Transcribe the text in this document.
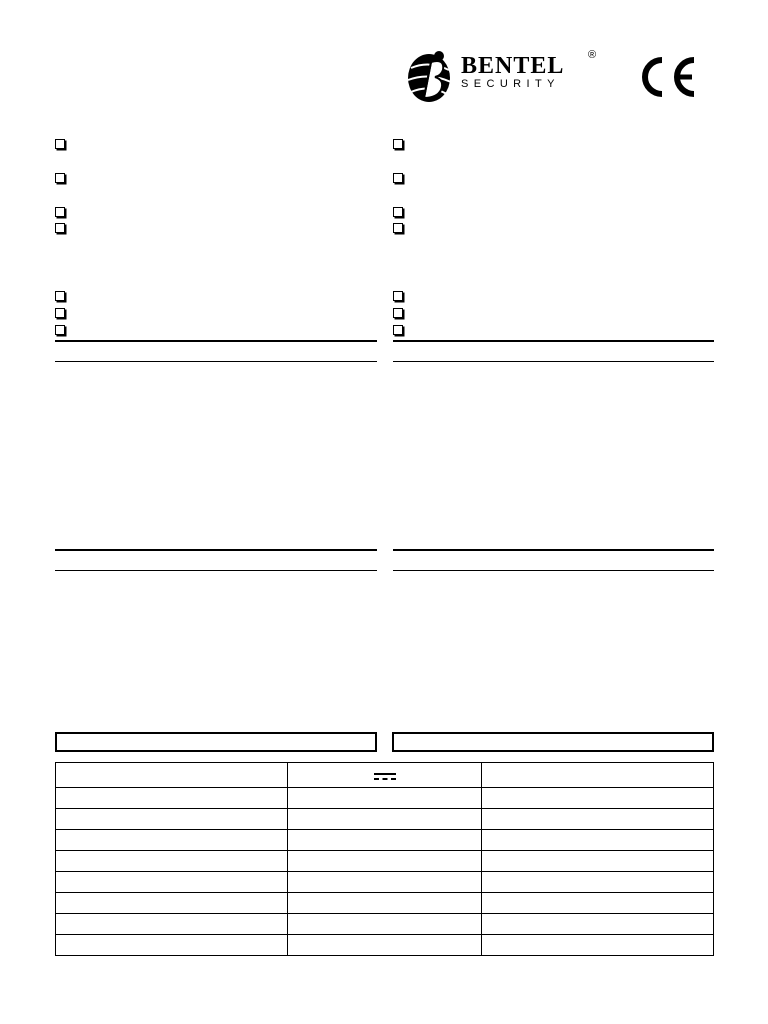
BENTEL
SECURITY
®
